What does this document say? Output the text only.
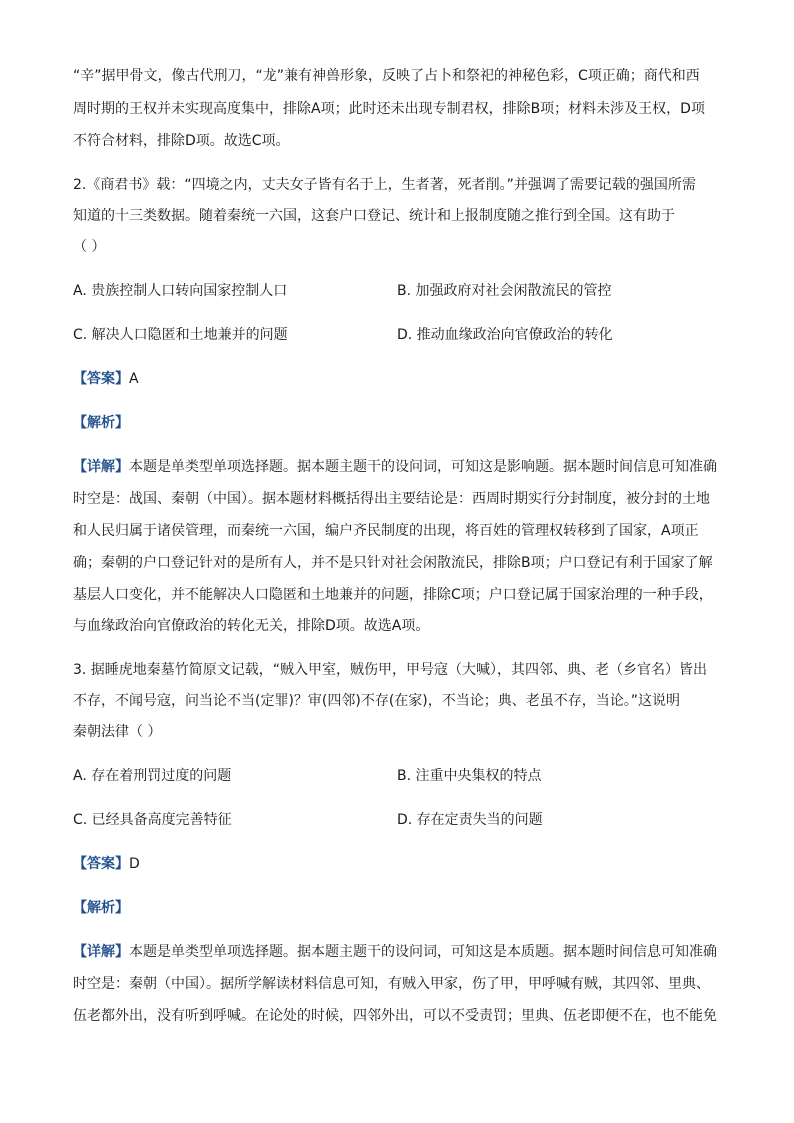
“辛”据甲骨文，像古代刑刀，“龙”兼有神兽形象，反映了占卜和祭祀的神秘色彩，C项正确；商代和西
周时期的王权并未实现高度集中，排除A项；此时还未出现专制君权，排除B项；材料未涉及王权，D项
不符合材料，排除D项。故选C项。
2.《商君书》载：“四境之内，丈夫女子皆有名于上，生者著，死者削。”并强调了需要记载的强国所需
知道的十三类数据。随着秦统一六国，这套户口登记、统计和上报制度随之推行到全国。这有助于
（ ）
A. 贵族控制人口转向国家控制人口	B. 加强政府对社会闲散流民的管控
C. 解决人口隐匿和土地兼并的问题	D. 推动血缘政治向官僚政治的转化
【答案】A
【解析】
【详解】本题是单类型单项选择题。据本题主题干的设问词，可知这是影响题。据本题时间信息可知准确
时空是：战国、秦朝（中国）。据本题材料概括得出主要结论是：西周时期实行分封制度，被分封的土地
和人民归属于诸侯管理，而秦统一六国，编户齐民制度的出现，将百姓的管理权转移到了国家，A项正
确；秦朝的户口登记针对的是所有人，并不是只针对社会闲散流民，排除B项；户口登记有利于国家了解
基层人口变化，并不能解决人口隐匿和土地兼并的问题，排除C项；户口登记属于国家治理的一种手段，
与血缘政治向官僚政治的转化无关，排除D项。故选A项。
3. 据睡虎地秦墓竹简原文记载，“贼入甲室，贼伤甲，甲号寇（大喊），其四邻、典、老（乡官名）皆出
不存，不闻号寇，问当论不当(定罪)？审(四邻)不存(在家)，不当论；典、老虽不存，当论。”这说明
秦朝法律（ ）
A. 存在着刑罚过度的问题	B. 注重中央集权的特点
C. 已经具备高度完善特征	D. 存在定责失当的问题
【答案】D
【解析】
【详解】本题是单类型单项选择题。据本题主题干的设问词，可知这是本质题。据本题时间信息可知准确
时空是：秦朝（中国）。据所学解读材料信息可知，有贼入甲家，伤了甲，甲呼喊有贼，其四邻、里典、
伍老都外出，没有听到呼喊。在论处的时候，四邻外出，可以不受责罚；里典、伍老即便不在，也不能免
